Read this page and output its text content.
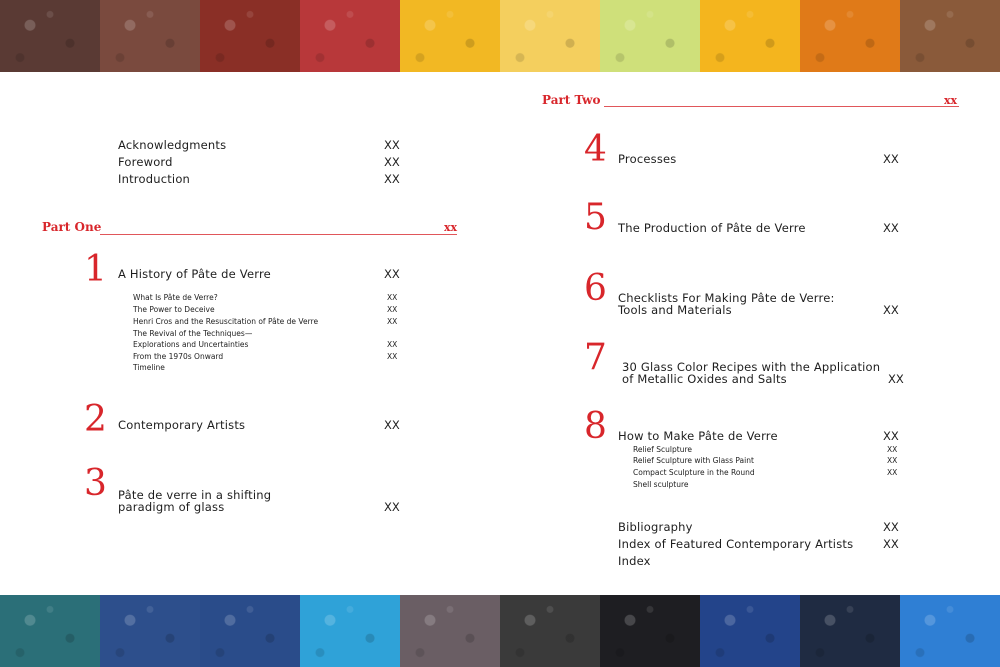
Acknowledgments	XX
Foreword	XX
Introduction	XX
Part One	xx
1 A History of Pâte de Verre	XX
What Is Pâte de Verre?	XX
The Power to Deceive	XX
Henri Cros and the Resuscitation of Pâte de Verre	XX
The Revival of the Techniques—
Explorations and Uncertainties	XX
From the 1970s Onward	XX
Timeline
2 Contemporary Artists	XX
3 Pâte de verre in a shifting
paradigm of glass	XX
Part Two	xx
4 Processes	XX
5 The Production of Pâte de Verre	XX
6 Checklists For Making Pâte de Verre:
Tools and Materials	XX
7 30 Glass Color Recipes with the Application
of Metallic Oxides and Salts	XX
8 How to Make Pâte de Verre	XX
Relief Sculpture	XX
Relief Sculpture with Glass Paint	XX
Compact Sculpture in the Round	XX
Shell sculpture
Bibliography	XX
Index of Featured Contemporary Artists	XX
Index
